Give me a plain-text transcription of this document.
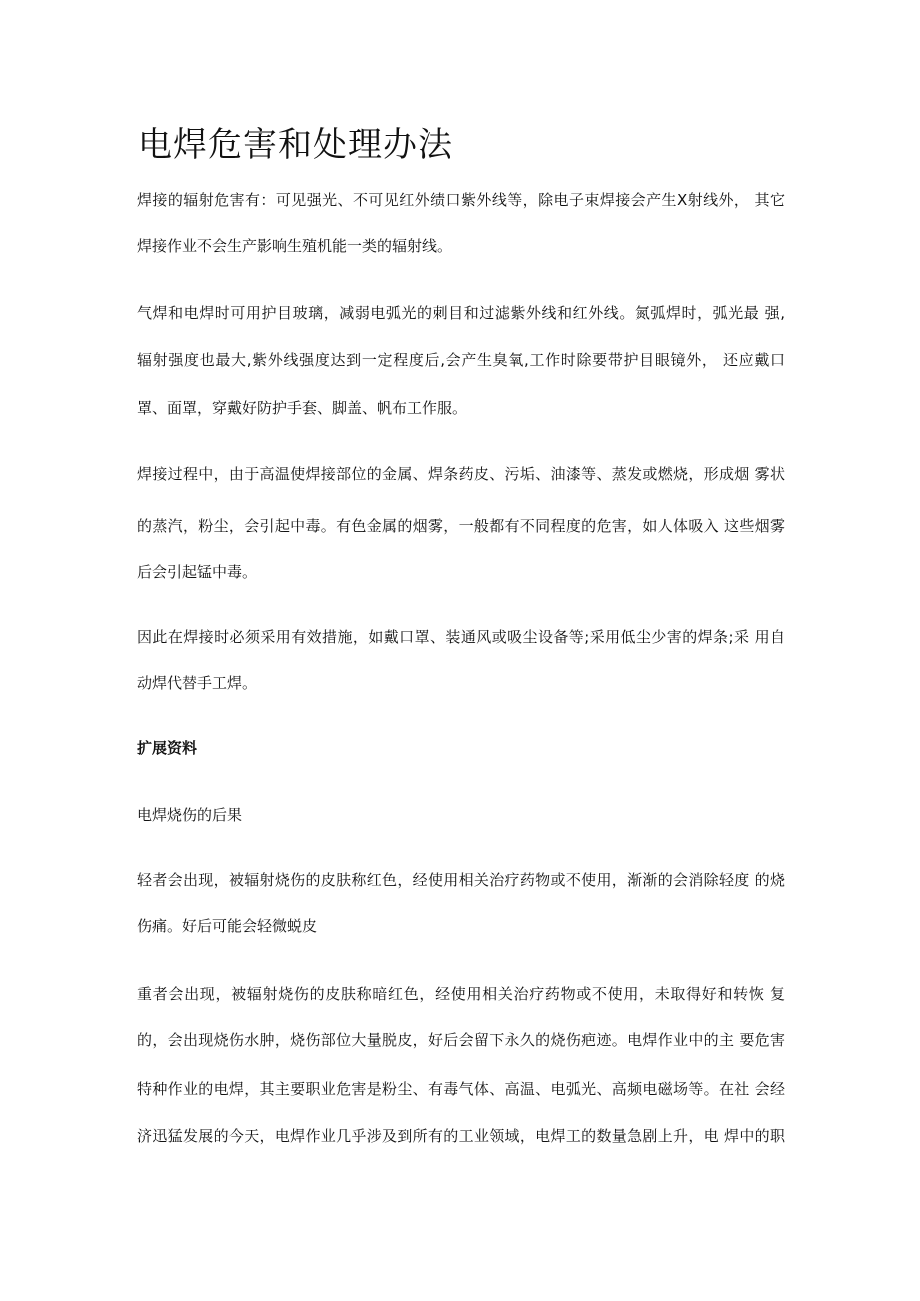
电焊危害和处理办法

焊接的辐射危害有：可见强光、不可见红外绩口紫外线等，除电子束焊接会产生X射线外， 其它

焊接作业不会生产影响生殖机能一类的辐射线。

气焊和电焊时可用护目玻璃，减弱电弧光的刺目和过滤紫外线和红外线。氮弧焊时，弧光最 强,

辐射强度也最大,紫外线强度达到一定程度后,会产生臭氧,工作时除要带护目眼镜外， 还应戴口

罩、面罩，穿戴好防护手套、脚盖、帆布工作服。

焊接过程中，由于高温使焊接部位的金属、焊条药皮、污垢、油漆等、蒸发或燃烧，形成烟 雾状

的蒸汽，粉尘，会引起中毒。有色金属的烟雾，一般都有不同程度的危害，如人体吸入 这些烟雾

后会引起锰中毒。

因此在焊接时必须采用有效措施，如戴口罩、装通风或吸尘设备等;采用低尘少害的焊条;采 用自

动焊代替手工焊。

扩展资料

电焊烧伤的后果

轻者会出现，被辐射烧伤的皮肤称红色，经使用相关治疗药物或不使用，渐渐的会消除轻度 的烧

伤痛。好后可能会轻微蜕皮

重者会出现，被辐射烧伤的皮肤称暗红色，经使用相关治疗药物或不使用，未取得好和转恢 复

的，会出现烧伤水肿，烧伤部位大量脱皮，好后会留下永久的烧伤疤迹。电焊作业中的主 要危害

特种作业的电焊，其主要职业危害是粉尘、有毒气体、高温、电弧光、高频电磁场等。在社 会经

济迅猛发展的今天，电焊作业几乎涉及到所有的工业领域，电焊工的数量急剧上升，电 焊中的职
